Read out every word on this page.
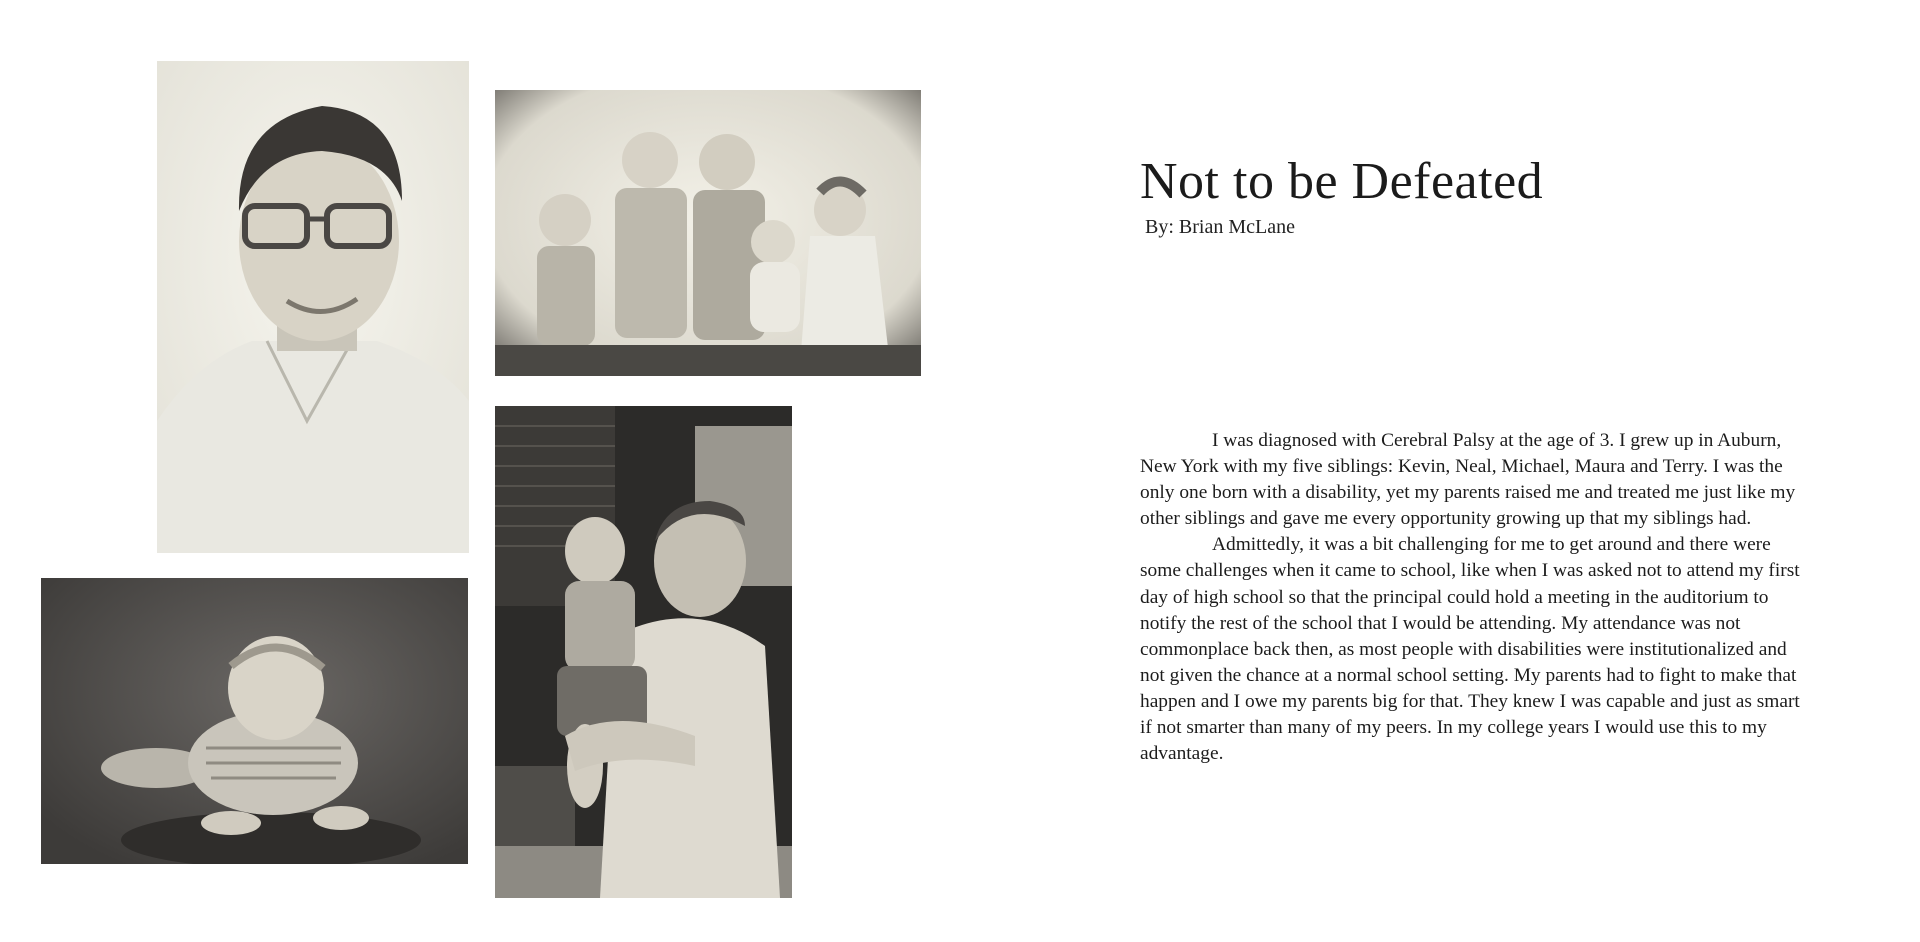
Not to be Defeated

By: Brian McLane

I was diagnosed with Cerebral Palsy at the age of 3. I grew up in Auburn, New York with my five siblings: Kevin, Neal, Michael, Maura and Terry. I was the only one born with a disability, yet my parents raised me and treated me just like my other siblings and gave me every opportunity growing up that my siblings had.

Admittedly, it was a bit challenging for me to get around and there were some challenges when it came to school, like when I was asked not to attend my first day of high school so that the principal could hold a meeting in the auditorium to notify the rest of the school that I would be attending. My attendance was not commonplace back then, as most people with disabilities were institutionalized and not given the chance at a normal school setting. My parents had to fight to make that happen and I owe my parents big for that. They knew I was capable and just as smart if not smarter than many of my peers. In my college years I would use this to my advantage.
